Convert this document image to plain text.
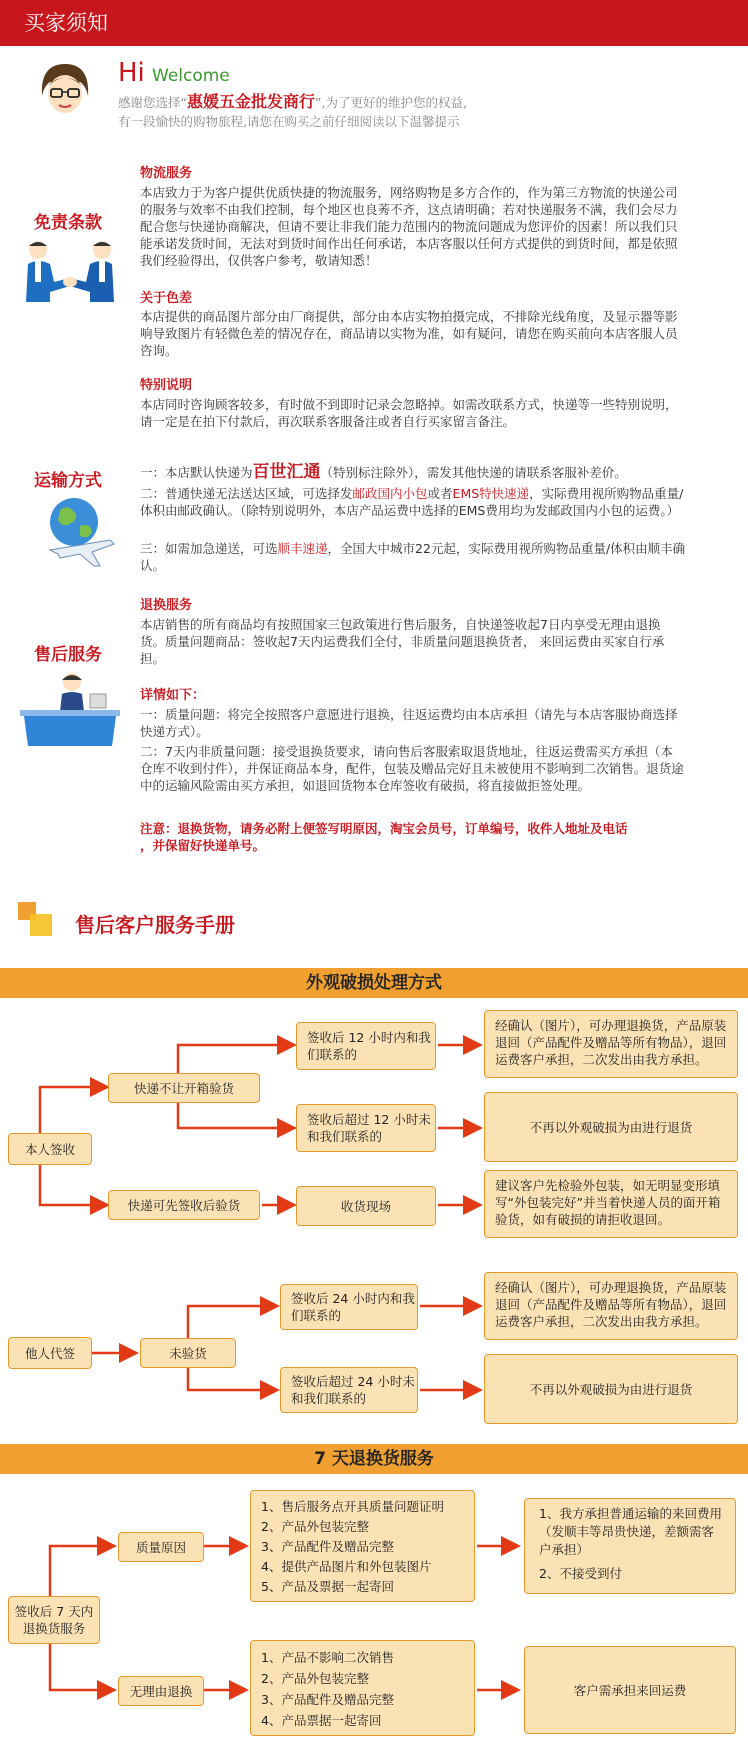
买家须知
Hi Welcome
感谢您选择“惠媛五金批发商行”,为了更好的维护您的权益,
有一段愉快的购物旅程,请您在购买之前仔细阅读以下温馨提示
免责条款
物流服务
本店致力于为客户提供优质快捷的物流服务，网络购物是多方合作的，作为第三方物流的快递公司的服务与效率不由我们控制，每个地区也良莠不齐，这点请明确；若对快递服务不满，我们会尽力配合您与快递协商解决，但请不要让非我们能力范围内的物流问题成为您评价的因素！所以我们只能承诺发货时间，无法对到货时间作出任何承诺，本店客服以任何方式提供的到货时间，都是依照我们经验得出，仅供客户参考，敬请知悉！
关于色差
本店提供的商品图片部分由厂商提供，部分由本店实物拍摄完成，不排除光线角度，及显示器等影响导致图片有轻微色差的情况存在，商品请以实物为准，如有疑问，请您在购买前向本店客服人员咨询。
特别说明
本店同时咨询顾客较多，有时做不到即时记录会忽略掉。如需改联系方式，快递等一些特别说明，请一定是在拍下付款后，再次联系客服备注或者自行买家留言备注。
运输方式	一：本店默认快递为百世汇通（特别标注除外），需发其他快递的请联系客服补差价。
二：普通快递无法送达区域，可选择发邮政国内小包或者EMS特快速递，实际费用视所购物品重量/体积由邮政确认。（除特别说明外，本店产品运费中选择的EMS费用均为发邮政国内小包的运费。）
三：如需加急递送，可选顺丰速递，全国大中城市22元起，实际费用视所购物品重量/体积由顺丰确认。
售后服务
退换服务
本店销售的所有商品均有按照国家三包政策进行售后服务，自快递签收起7日内享受无理由退换货。质量问题商品：签收起7天内运费我们全付，非质量问题退换货者， 来回运费由买家自行承担。
详情如下：
一：质量问题：将完全按照客户意愿进行退换，往返运费均由本店承担（请先与本店客服协商选择快递方式）。
二：7天内非质量问题：接受退换货要求，请向售后客服索取退货地址，往返运费需买方承担（本仓库不收到付件），并保证商品本身，配件，包装及赠品完好且未被使用不影响到二次销售。退货途中的运输风险需由买方承担，如退回货物本仓库签收有破损，将直接做拒签处理。
注意：退换货物，请务必附上便签写明原因，淘宝会员号，订单编号，收件人地址及电话
，并保留好快递单号。
售后客户服务手册
外观破损处理方式
7 天退换货服务
本人签收
快递不让开箱验货
快递可先签收后验货
签收后 12 小时内和我们联系的
签收后超过 12 小时未和我们联系的
收货现场
经确认（图片），可办理退换货，产品原装退回（产品配件及赠品等所有物品），退回运费客户承担，二次发出由我方承担。
不再以外观破损为由进行退货
建议客户先检验外包装，如无明显变形填写“外包装完好”并当着快递人员的面开箱验货，如有破损的请拒收退回。
他人代签	未验货
签收后 24 小时内和我们联系的
签收后超过 24 小时未和我们联系的
经确认（图片），可办理退换货，产品原装退回（产品配件及赠品等所有物品），退回运费客户承担，二次发出由我方承担。
不再以外观破损为由进行退货
签收后 7 天内退换货服务
质量原因
无理由退换
1、售后服务点开具质量问题证明
2、产品外包装完整
3、产品配件及赠品完整
4、提供产品图片和外包装图片
5、产品及票据一起寄回
1、产品不影响二次销售
2、产品外包装完整
3、产品配件及赠品完整
4、产品票据一起寄回
1、我方承担普通运输的来回费用（发顺丰等昂贵快递，差额需客户承担）
2、不接受到付
客户需承担来回运费
